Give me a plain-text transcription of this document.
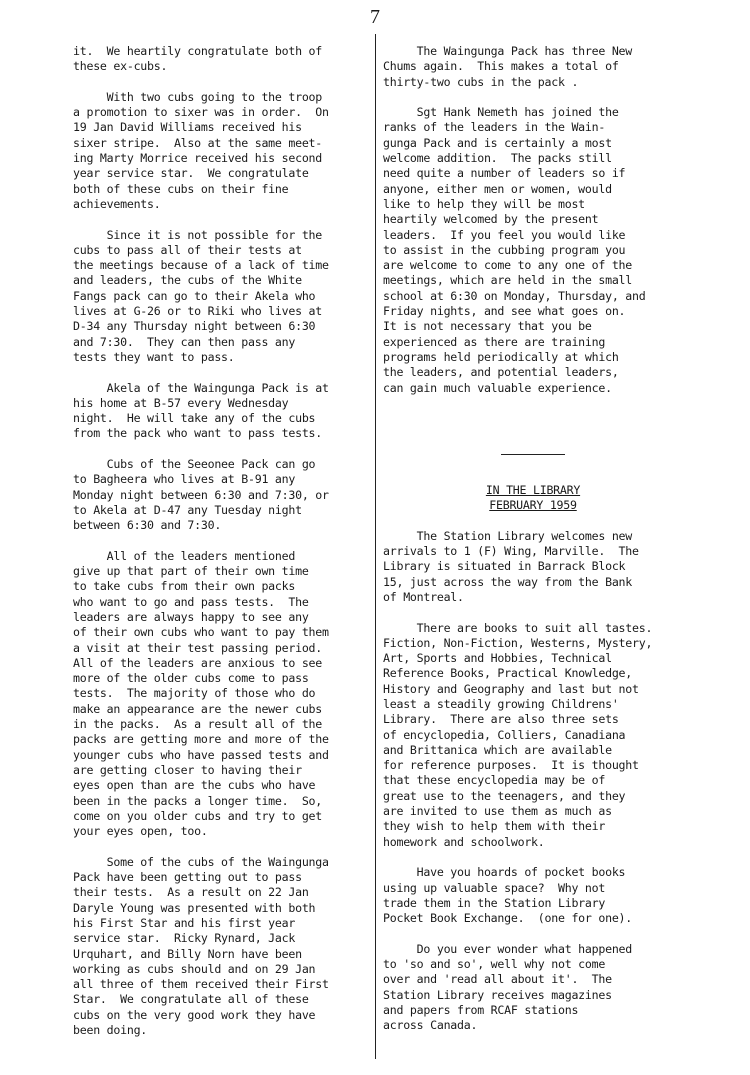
7
it.  We heartily congratulate both of
these ex-cubs.
With two cubs going to the troop
a promotion to sixer was in order.  On
19 Jan David Williams received his
sixer stripe.  Also at the same meet-
ing Marty Morrice received his second
year service star.  We congratulate
both of these cubs on their fine
achievements.
Since it is not possible for the
cubs to pass all of their tests at
the meetings because of a lack of time
and leaders, the cubs of the White
Fangs pack can go to their Akela who
lives at G-26 or to Riki who lives at
D-34 any Thursday night between 6:30
and 7:30.  They can then pass any
tests they want to pass.
Akela of the Waingunga Pack is at
his home at B-57 every Wednesday
night.  He will take any of the cubs
from the pack who want to pass tests.
Cubs of the Seeonee Pack can go
to Bagheera who lives at B-91 any
Monday night between 6:30 and 7:30, or
to Akela at D-47 any Tuesday night
between 6:30 and 7:30.
All of the leaders mentioned
give up that part of their own time
to take cubs from their own packs
who want to go and pass tests.  The
leaders are always happy to see any
of their own cubs who want to pay them
a visit at their test passing period.
All of the leaders are anxious to see
more of the older cubs come to pass
tests.  The majority of those who do
make an appearance are the newer cubs
in the packs.  As a result all of the
packs are getting more and more of the
younger cubs who have passed tests and
are getting closer to having their
eyes open than are the cubs who have
been in the packs a longer time.  So,
come on you older cubs and try to get
your eyes open, too.
Some of the cubs of the Waingunga
Pack have been getting out to pass
their tests.  As a result on 22 Jan
Daryle Young was presented with both
his First Star and his first year
service star.  Ricky Rynard, Jack
Urquhart, and Billy Norn have been
working as cubs should and on 29 Jan
all three of them received their First
Star.  We congratulate all of these
cubs on the very good work they have
been doing.
The Waingunga Pack has three New
Chums again.  This makes a total of
thirty-two cubs in the pack .
Sgt Hank Nemeth has joined the
ranks of the leaders in the Wain-
gunga Pack and is certainly a most
welcome addition.  The packs still
need quite a number of leaders so if
anyone, either men or women, would
like to help they will be most
heartily welcomed by the present
leaders.  If you feel you would like
to assist in the cubbing program you
are welcome to come to any one of the
meetings, which are held in the small
school at 6:30 on Monday, Thursday, and
Friday nights, and see what goes on.
It is not necessary that you be
experienced as there are training
programs held periodically at which
the leaders, and potential leaders,
can gain much valuable experience.
IN THE LIBRARY
FEBRUARY 1959
The Station Library welcomes new
arrivals to 1 (F) Wing, Marville.  The
Library is situated in Barrack Block
15, just across the way from the Bank
of Montreal.
There are books to suit all tastes.
Fiction, Non-Fiction, Westerns, Mystery,
Art, Sports and Hobbies, Technical
Reference Books, Practical Knowledge,
History and Geography and last but not
least a steadily growing Childrens'
Library.  There are also three sets
of encyclopedia, Colliers, Canadiana
and Brittanica which are available
for reference purposes.  It is thought
that these encyclopedia may be of
great use to the teenagers, and they
are invited to use them as much as
they wish to help them with their
homework and schoolwork.
Have you hoards of pocket books
using up valuable space?  Why not
trade them in the Station Library
Pocket Book Exchange.  (one for one).
Do you ever wonder what happened
to 'so and so', well why not come
over and 'read all about it'.  The
Station Library receives magazines
and papers from RCAF stations
across Canada.
